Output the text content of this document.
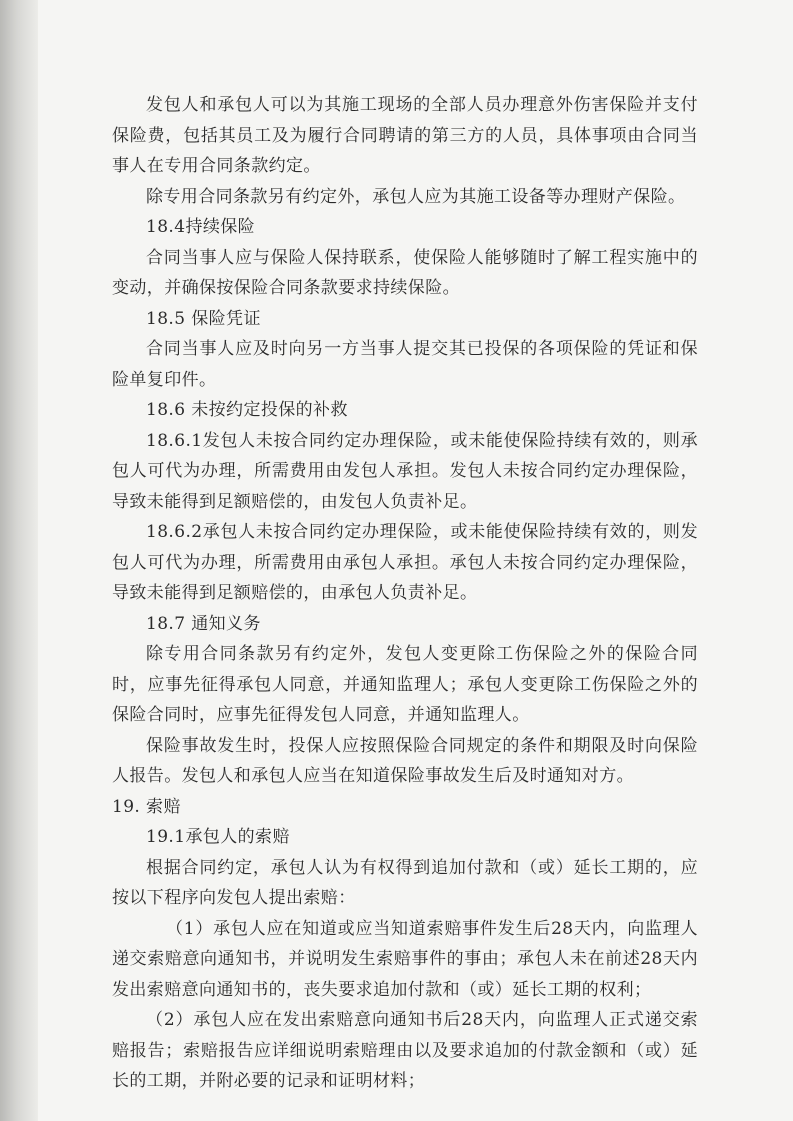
发包人和承包人可以为其施工现场的全部人员办理意外伤害保险并支付保险费，包括其员工及为履行合同聘请的第三方的人员，具体事项由合同当事人在专用合同条款约定。

除专用合同条款另有约定外，承包人应为其施工设备等办理财产保险。

18.4持续保险

合同当事人应与保险人保持联系，使保险人能够随时了解工程实施中的变动，并确保按保险合同条款要求持续保险。

18.5 保险凭证

合同当事人应及时向另一方当事人提交其已投保的各项保险的凭证和保险单复印件。

18.6 未按约定投保的补救

18.6.1发包人未按合同约定办理保险，或未能使保险持续有效的，则承包人可代为办理，所需费用由发包人承担。发包人未按合同约定办理保险，导致未能得到足额赔偿的，由发包人负责补足。

18.6.2承包人未按合同约定办理保险，或未能使保险持续有效的，则发包人可代为办理，所需费用由承包人承担。承包人未按合同约定办理保险，导致未能得到足额赔偿的，由承包人负责补足。

18.7 通知义务

除专用合同条款另有约定外，发包人变更除工伤保险之外的保险合同时，应事先征得承包人同意，并通知监理人；承包人变更除工伤保险之外的保险合同时，应事先征得发包人同意，并通知监理人。

保险事故发生时，投保人应按照保险合同规定的条件和期限及时向保险人报告。发包人和承包人应当在知道保险事故发生后及时通知对方。

19. 索赔

19.1承包人的索赔

根据合同约定，承包人认为有权得到追加付款和（或）延长工期的，应按以下程序向发包人提出索赔：

（1）承包人应在知道或应当知道索赔事件发生后28天内，向监理人递交索赔意向通知书，并说明发生索赔事件的事由；承包人未在前述28天内发出索赔意向通知书的，丧失要求追加付款和（或）延长工期的权利；

（2）承包人应在发出索赔意向通知书后28天内，向监理人正式递交索赔报告；索赔报告应详细说明索赔理由以及要求追加的付款金额和（或）延长的工期，并附必要的记录和证明材料；
